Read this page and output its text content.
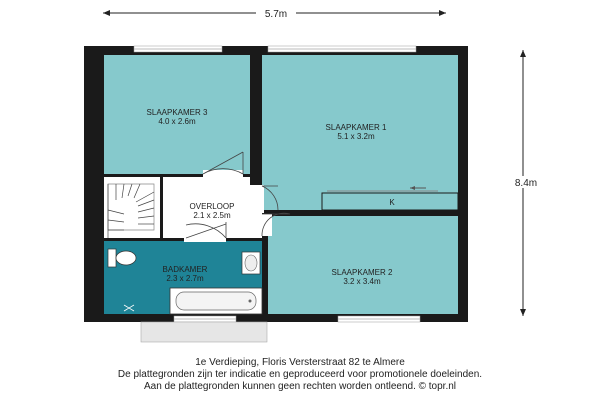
5.7m
8.4m
K
SLAAPKAMER 3
4.0 x 2.6m
SLAAPKAMER 1
5.1 x 3.2m
OVERLOOP
2.1 x 2.5m
BADKAMER
2.3 x 2.7m
SLAAPKAMER 2
3.2 x 3.4m
1e Verdieping, Floris Versterstraat 82 te Almere
De plattegronden zijn ter indicatie en geproduceerd voor promotionele doeleinden.
Aan de plattegronden kunnen geen rechten worden ontleend. © topr.nl
